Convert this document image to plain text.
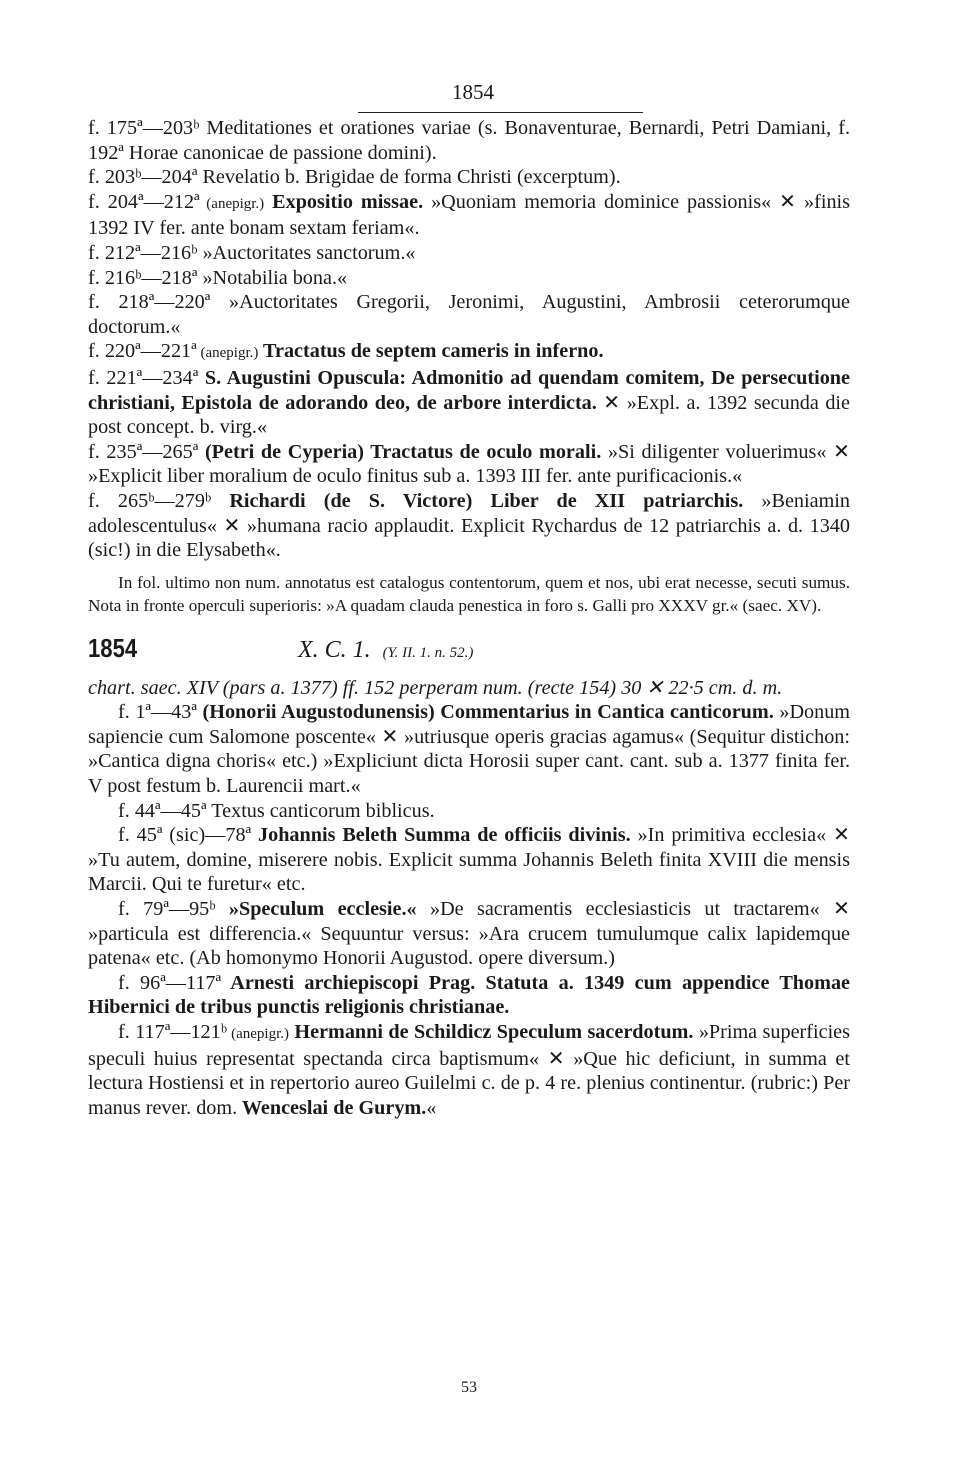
1854

f. 175ª—203ᵇ Meditationes et orationes variae (s. Bonaventurae, Bernardi, Petri Damiani, f. 192ª Horae canonicae de passione domini).

f. 203ᵇ—204ª Revelatio b. Brigidae de forma Christi (excerptum).

f. 204ª—212ª (anepigr.) Expositio missae. »Quoniam memoria dominice passionis« ✕ »finis 1392 IV fer. ante bonam sextam feriam«.

f. 212ª—216ᵇ »Auctoritates sanctorum.«

f. 216ᵇ—218ª »Notabilia bona.«

f. 218ª—220ª »Auctoritates Gregorii, Jeronimi, Augustini, Ambrosii ceterorumque doctorum.«

f. 220ª—221ª (anepigr.) Tractatus de septem cameris in inferno.

f. 221ª—234ª S. Augustini Opuscula: Admonitio ad quendam comitem, De persecutione christiani, Epistola de adorando deo, de arbore interdicta. ✕ »Expl. a. 1392 secunda die post concept. b. virg.«

f. 235ª—265ª (Petri de Cyperia) Tractatus de oculo morali. »Si diligenter voluerimus« ✕ »Explicit liber moralium de oculo finitus sub a. 1393 III fer. ante purificacionis.«

f. 265ᵇ—279ᵇ Richardi (de S. Victore) Liber de XII patriarchis. »Beniamin adolescentulus« ✕ »humana racio applaudit. Explicit Rychardus de 12 patriarchis a. d. 1340 (sic!) in die Elysabeth«.

In fol. ultimo non num. annotatus est catalogus contentorum, quem et nos, ubi erat necesse, secuti sumus. Nota in fronte operculi superioris: »A quadam clauda penestica in foro s. Galli pro XXXV gr.« (saec. XV).

1854	X. C. 1. (Y. II. 1. n. 52.)

chart. saec. XIV (pars a. 1377) ff. 152 perperam num. (recte 154) 30 ✕ 22·5 cm. d. m.

f. 1ª—43ª (Honorii Augustodunensis) Commentarius in Cantica canticorum. »Donum sapiencie cum Salomone poscente« ✕ »utriusque operis gracias agamus« (Sequitur distichon: »Cantica digna choris« etc.) »Expliciunt dicta Horosii super cant. cant. sub a. 1377 finita fer. V post festum b. Laurencii mart.«

f. 44ª—45ª Textus canticorum biblicus.

f. 45ª (sic)—78ª Johannis Beleth Summa de officiis divinis. »In primitiva ecclesia« ✕ »Tu autem, domine, miserere nobis. Explicit summa Johannis Beleth finita XVIII die mensis Marcii. Qui te furetur« etc.

f. 79ª—95ᵇ »Speculum ecclesie.« »De sacramentis ecclesiasticis ut tractarem« ✕ »particula est differencia.« Sequuntur versus: »Ara crucem tumulumque calix lapidemque patena« etc. (Ab homonymo Honorii Augustod. opere diversum.)

f. 96ª—117ª Arnesti archiepiscopi Prag. Statuta a. 1349 cum appendice Thomae Hibernici de tribus punctis religionis christianae.

f. 117ª—121ᵇ (anepigr.) Hermanni de Schildicz Speculum sacerdotum. »Prima superficies speculi huius representat spectanda circa baptismum« ✕ »Que hic deficiunt, in summa et lectura Hostiensi et in repertorio aureo Guilelmi c. de p. 4 re. plenius continentur. (rubric:) Per manus rever. dom. Wenceslai de Gurym.«

53
